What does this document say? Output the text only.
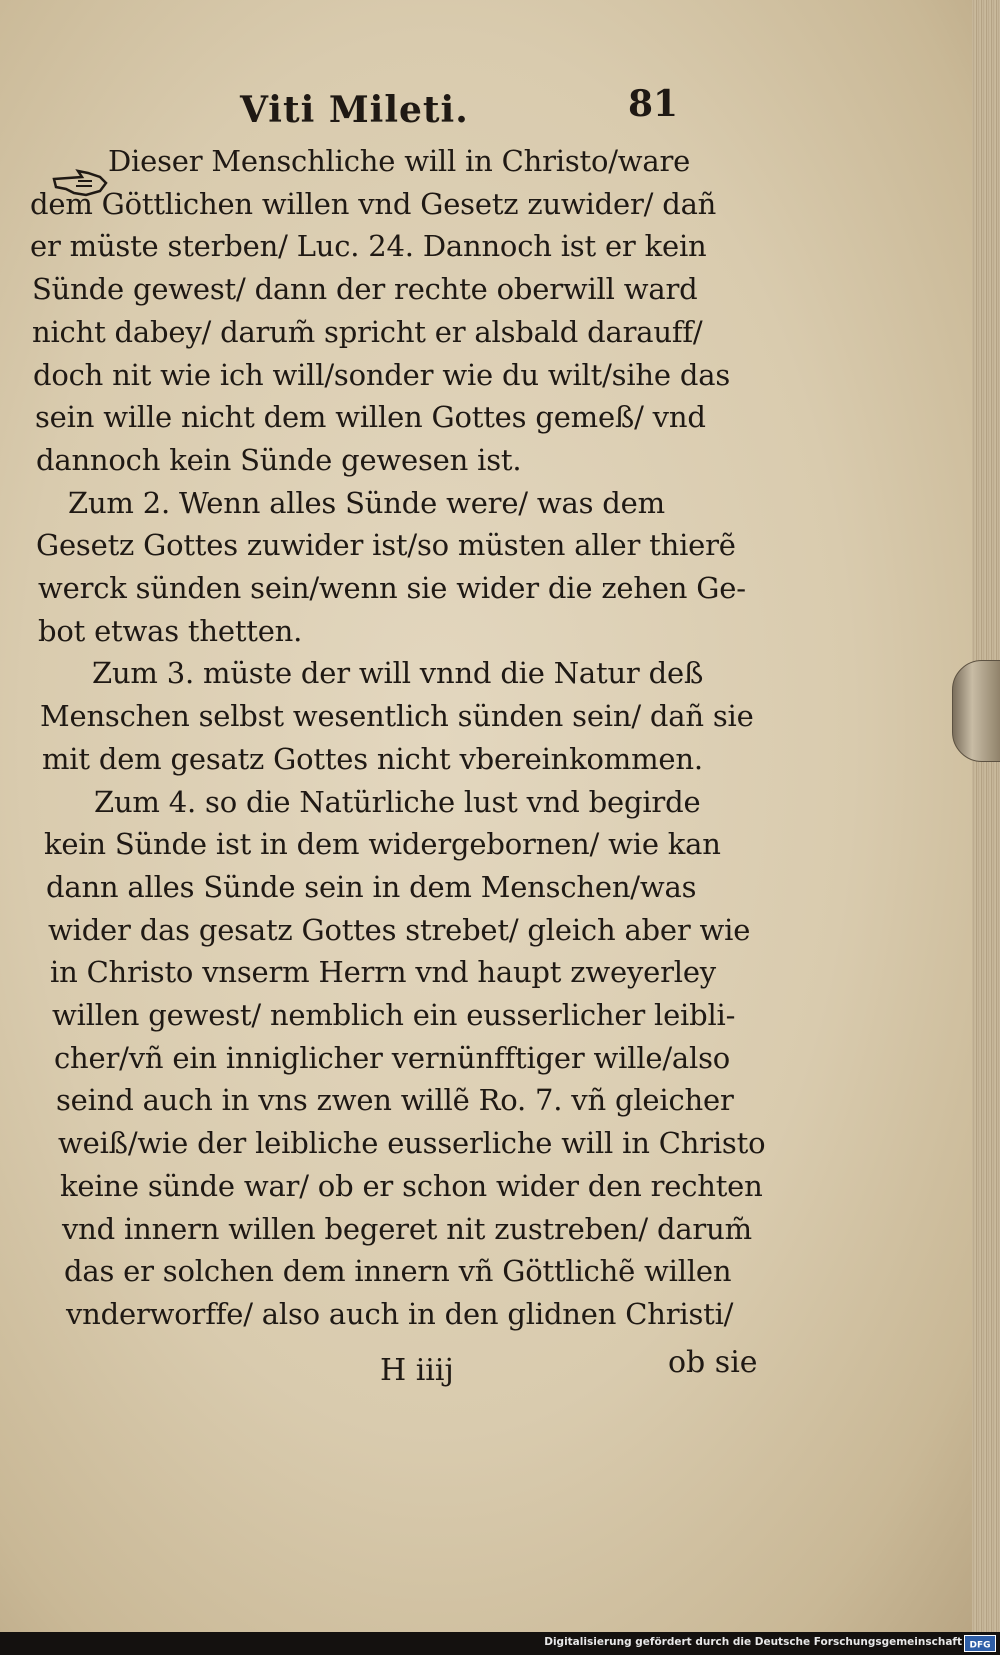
Viti Mileti.	81
Dieser Menschliche will in Christo/ware
dem Göttlichen willen vnd Gesetz zuwider/ dañ
er müste sterben/ Luc. 24. Dannoch ist er kein
Sünde gewest/ dann der rechte oberwill ward
nicht dabey/ darum̃ spricht er alsbald darauff/
doch nit wie ich will/sonder wie du wilt/sihe das
sein wille nicht dem willen Gottes gemeß/ vnd
dannoch kein Sünde gewesen ist.
Zum 2. Wenn alles Sünde were/ was dem
Gesetz Gottes zuwider ist/so müsten aller thierẽ
werck sünden sein/wenn sie wider die zehen Ge-
bot etwas thetten.
Zum 3. müste der will vnnd die Natur deß
Menschen selbst wesentlich sünden sein/ dañ sie
mit dem gesatz Gottes nicht vbereinkommen.
Zum 4. so die Natürliche lust vnd begirde
kein Sünde ist in dem widergebornen/ wie kan
dann alles Sünde sein in dem Menschen/was
wider das gesatz Gottes strebet/ gleich aber wie
in Christo vnserm Herrn vnd haupt zweyerley
willen gewest/ nemblich ein eusserlicher leibli-
cher/vñ ein inniglicher vernünfftiger wille/also
seind auch in vns zwen willẽ Ro. 7. vñ gleicher
weiß/wie der leibliche eusserliche will in Christo
keine sünde war/ ob er schon wider den rechten
vnd innern willen begeret nit zustreben/ darum̃
das er solchen dem innern vñ Göttlichẽ willen
vnderworffe/ also auch in den glidnen Christi/
H iiij	ob sie
Digitalisierung gefördert durch die Deutsche Forschungsgemeinschaft DFG
